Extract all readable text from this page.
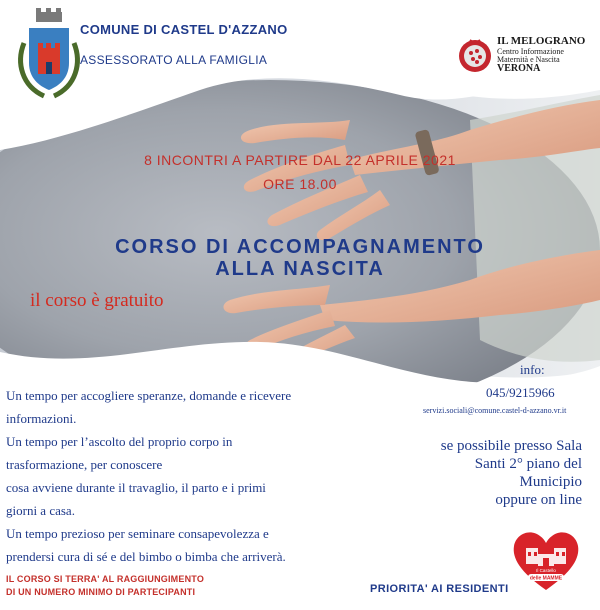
COMUNE DI CASTEL D'AZZANO
ASSESSORATO ALLA FAMIGLIA
IL MELOGRANO
Centro Informazione
Maternità e Nascita
VERONA
8 INCONTRI A PARTIRE DAL 22 APRILE 2021
ORE 18.00
CORSO DI ACCOMPAGNAMENTO
ALLA NASCITA
il corso è gratuito

Un tempo per accogliere speranze, domande e ricevere

informazioni.

Un tempo per l’ascolto del proprio corpo in

trasformazione, per conoscere

cosa avviene durante il travaglio, il parto e i primi

giorni a casa.

Un tempo prezioso per seminare consapevolezza e

prendersi cura di sé e del bimbo o bimba che arriverà.

info:
045/9215966
servizi.sociali@comune.castel-d-azzano.vr.it
se possibile presso Sala
Santi 2° piano del
Municipio
oppure on line
Il Castello
delle MAMME
IL CORSO SI TERRA' AL RAGGIUNGIMENTO
DI UN NUMERO MINIMO DI PARTECIPANTI	PRIORITA' AI RESIDENTI
